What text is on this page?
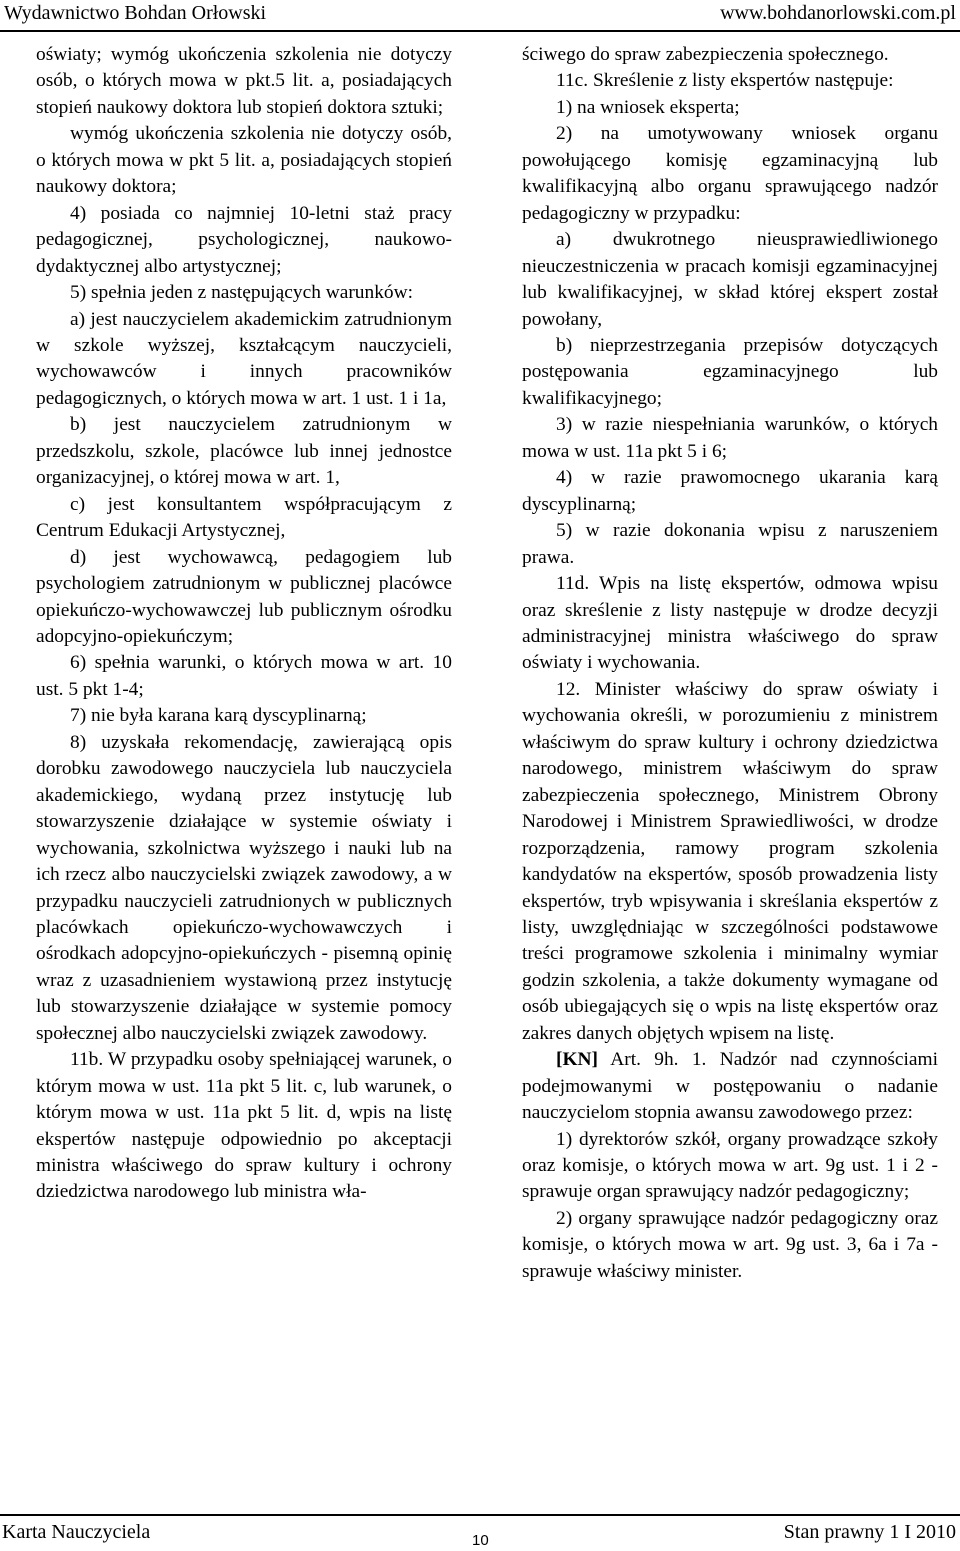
Wydawnictwo Bohdan Orłowski	www.bohdanorlowski.com.pl

oświaty; wymóg ukończenia szkolenia nie dotyczy osób, o których mowa w pkt.5 lit. a, posiadających stopień naukowy doktora lub stopień doktora sztuki;

wymóg ukończenia szkolenia nie dotyczy osób, o których mowa w pkt 5 lit. a, posiadających stopień naukowy doktora;

4) posiada co najmniej 10-letni staż pracy pedagogicznej, psychologicznej, naukowo-dydaktycznej albo artystycznej;

5) spełnia jeden z następujących warunków:

a) jest nauczycielem akademickim zatrudnionym w szkole wyższej, kształcącym nauczycieli, wychowawców i innych pracowników pedagogicznych, o których mowa w art. 1 ust. 1 i 1a,

b) jest nauczycielem zatrudnionym w przedszkolu, szkole, placówce lub innej jednostce organizacyjnej, o której mowa w art. 1,

c) jest konsultantem współpracującym z Centrum Edukacji Artystycznej,

d) jest wychowawcą, pedagogiem lub psychologiem zatrudnionym w publicznej placówce opiekuńczo-wychowawczej lub publicznym ośrodku adopcyjno-opiekuńczym;

6) spełnia warunki, o których mowa w art. 10 ust. 5 pkt 1-4;

7) nie była karana karą dyscyplinarną;

8) uzyskała rekomendację, zawierającą opis dorobku zawodowego nauczyciela lub nauczyciela akademickiego, wydaną przez instytucję lub stowarzyszenie działające w systemie oświaty i wychowania, szkolnictwa wyższego i nauki lub na ich rzecz albo nauczycielski związek zawodowy, a w przypadku nauczycieli zatrudnionych w publicznych placówkach opiekuńczo-wychowawczych i ośrodkach adopcyjno-opiekuńczych - pisemną opinię wraz z uzasadnieniem wystawioną przez instytucję lub stowarzyszenie działające w systemie pomocy społecznej albo nauczycielski związek zawodowy.

11b. W przypadku osoby spełniającej warunek, o którym mowa w ust. 11a pkt 5 lit. c, lub warunek, o którym mowa w ust. 11a pkt 5 lit. d, wpis na listę ekspertów następuje odpowiednio po akceptacji ministra właściwego do spraw kultury i ochrony dziedzictwa narodowego lub ministra wła-

ściwego do spraw zabezpieczenia społecznego.

11c. Skreślenie z listy ekspertów następuje:

1) na wniosek eksperta;

2) na umotywowany wniosek organu powołującego komisję egzaminacyjną lub kwalifikacyjną albo organu sprawującego nadzór pedagogiczny w przypadku:

a) dwukrotnego nieusprawiedliwionego nieuczestniczenia w pracach komisji egzaminacyjnej lub kwalifikacyjnej, w skład której ekspert został powołany,

b) nieprzestrzegania przepisów dotyczących postępowania egzaminacyjnego lub kwalifikacyjnego;

3) w razie niespełniania warunków, o których mowa w ust. 11a pkt 5 i 6;

4) w razie prawomocnego ukarania karą dyscyplinarną;

5) w razie dokonania wpisu z naruszeniem prawa.

11d. Wpis na listę ekspertów, odmowa wpisu oraz skreślenie z listy następuje w drodze decyzji administracyjnej ministra właściwego do spraw oświaty i wychowania.

12. Minister właściwy do spraw oświaty i wychowania określi, w porozumieniu z ministrem właściwym do spraw kultury i ochrony dziedzictwa narodowego, ministrem właściwym do spraw zabezpieczenia społecznego, Ministrem Obrony Narodowej i Ministrem Sprawiedliwości, w drodze rozporządzenia, ramowy program szkolenia kandydatów na ekspertów, sposób prowadzenia listy ekspertów, tryb wpisywania i skreślania ekspertów z listy, uwzględniając w szczególności podstawowe treści programowe szkolenia i minimalny wymiar godzin szkolenia, a także dokumenty wymagane od osób ubiegających się o wpis na listę ekspertów oraz zakres danych objętych wpisem na listę.

[KN] Art. 9h. 1. Nadzór nad czynnościami podejmowanymi w postępowaniu o nadanie nauczycielom stopnia awansu zawodowego przez:

1) dyrektorów szkół, organy prowadzące szkoły oraz komisje, o których mowa w art. 9g ust. 1 i 2 - sprawuje organ sprawujący nadzór pedagogiczny;

2) organy sprawujące nadzór pedagogiczny oraz komisje, o których mowa w art. 9g ust. 3, 6a i 7a - sprawuje właściwy minister.

Karta Nauczyciela	10	Stan prawny 1 I 2010
